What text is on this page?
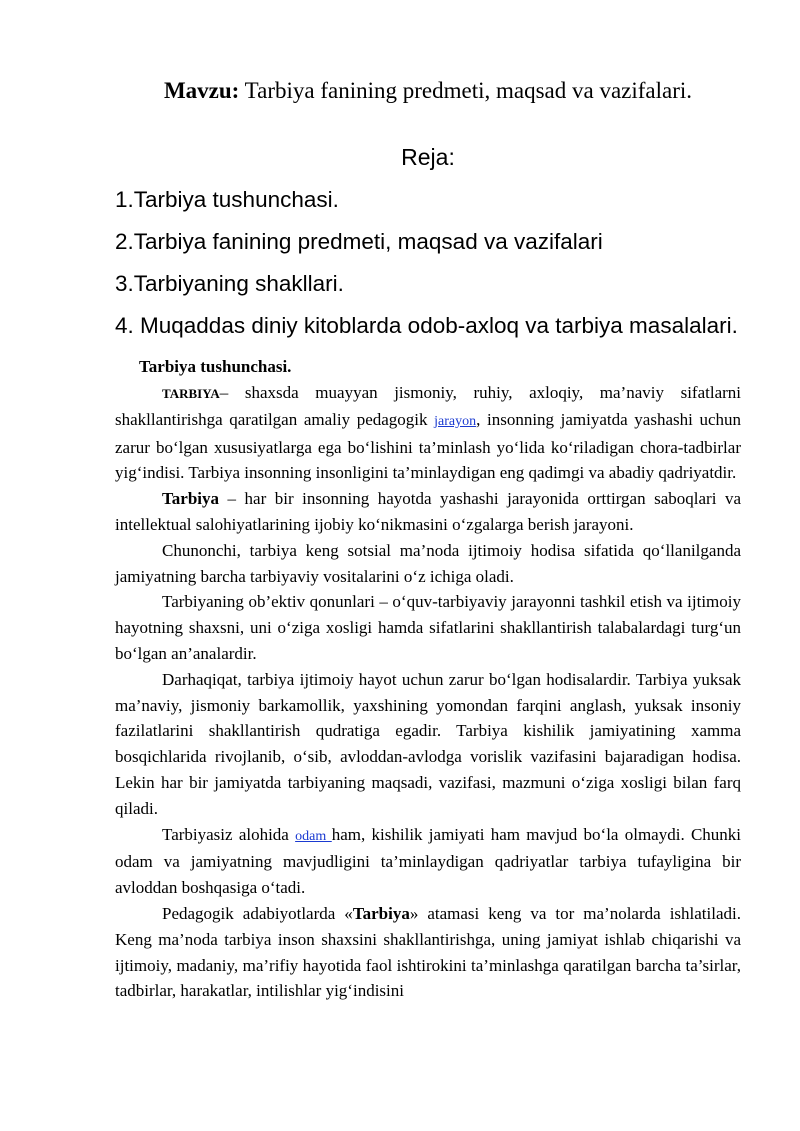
Mavzu: Tarbiya fanining predmeti, maqsad va vazifalari.
Reja:
1.Tarbiya tushunchasi.
2.Tarbiya fanining predmeti, maqsad va vazifalari
3.Tarbiyaning shakllari.
4. Muqaddas diniy kitoblarda odob-axloq va tarbiya masalalari.
Tarbiya tushunchasi.

TARBIYA– shaxsda muayyan jismoniy, ruhiy, axloqiy, ma’naviy sifatlarni shakllantirishga qaratilgan amaliy pedagogik jarayon, insonning jamiyatda yashashi uchun zarur bo‘lgan xususiyatlarga ega bo‘lishini ta’minlash yo‘lida ko‘riladigan chora-tadbirlar yig‘indisi. Tarbiya insonning insonligini ta’minlaydigan eng qadimgi va abadiy qadriyatdir.

Tarbiya – har bir insonning hayotda yashashi jarayonida orttirgan saboqlari va intellektual salohiyatlarining ijobiy ko‘nikmasini o‘zgalarga berish jarayoni.

Chunonchi, tarbiya keng sotsial ma’noda ijtimoiy hodisa sifatida qo‘llanilganda jamiyatning barcha tarbiyaviy vositalarini o‘z ichiga oladi.

Tarbiyaning ob’ektiv qonunlari – o‘quv-tarbiyaviy jarayonni tashkil etish va ijtimoiy hayotning shaxsni, uni o‘ziga xosligi hamda sifatlarini shakllantirish talabalardagi turg‘un bo‘lgan an’analardir.

Darhaqiqat, tarbiya ijtimoiy hayot uchun zarur bo‘lgan hodisalardir. Tarbiya yuksak ma’naviy, jismoniy barkamollik, yaxshining yomondan farqini anglash, yuksak insoniy fazilatlarini shakllantirish qudratiga egadir. Tarbiya kishilik jamiyatining xamma bosqichlarida rivojlanib, o‘sib, avloddan-avlodga vorislik vazifasini bajaradigan hodisa. Lekin har bir jamiyatda tarbiyaning maqsadi, vazifasi, mazmuni o‘ziga xosligi bilan farq qiladi.

Tarbiyasiz alohida odam ham, kishilik jamiyati ham mavjud bo‘la olmaydi. Chunki odam va jamiyatning mavjudligini ta’minlaydigan qadriyatlar tarbiya tufayligina bir avloddan boshqasiga o‘tadi.

Pedagogik adabiyotlarda «Tarbiya» atamasi keng va tor ma’nolarda ishlatiladi. Keng ma’noda tarbiya inson shaxsini shakllantirishga, uning jamiyat ishlab chiqarishi va ijtimoiy, madaniy, ma’rifiy hayotida faol ishtirokini ta’minlashga qaratilgan barcha ta’sirlar, tadbirlar, harakatlar, intilishlar yig‘indisini
